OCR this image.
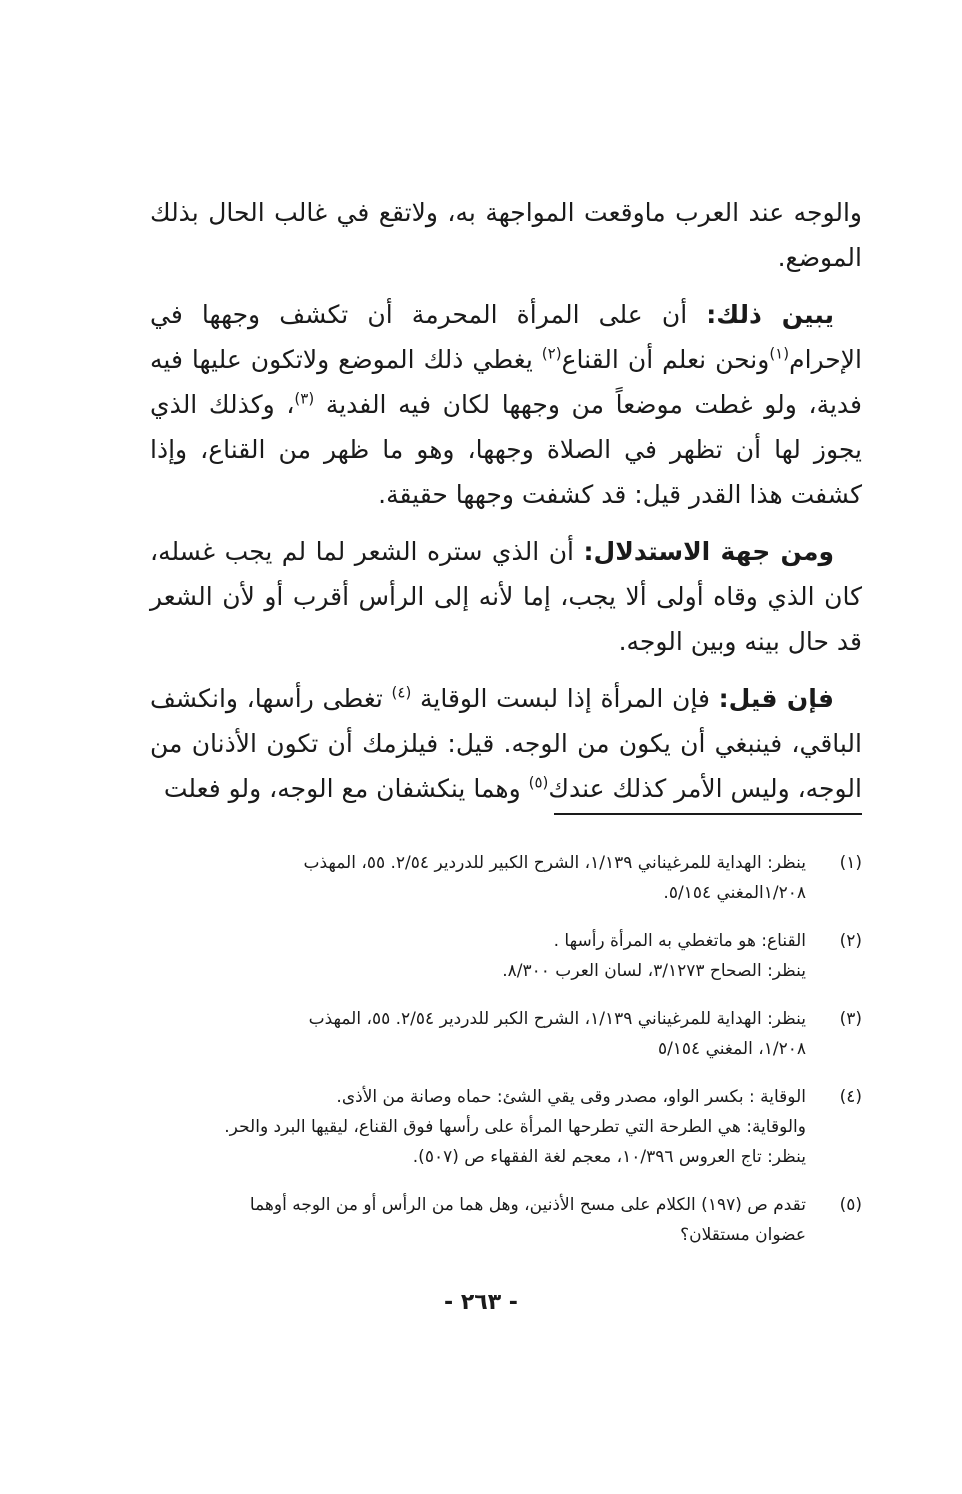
والوجه عند العرب ماوقعت المواجهة به، ولاتقع في غالب الحال بذلك الموضع.

يبين ذلك: أن على المرأة المحرمة أن تكشف وجهها في الإحرام$^{(١)}$ونحن نعلم أن القناع$^{(٢)}$ يغطي ذلك الموضع ولاتكون عليها فيه فدية، ولو غطت موضعاً من وجهها لكان فيه الفدية $^{(٣)}$، وكذلك الذي يجوز لها أن تظهر في الصلاة وجهها، وهو ما ظهر من القناع، وإذا كشفت هذا القدر قيل: قد كشفت وجهها حقيقة.

ومن جهة الاستدلال: أن الذي ستره الشعر لما لم يجب غسله، كان الذي وقاه أولى ألا يجب، إما لأنه إلى الرأس أقرب أو لأن الشعر قد حال بينه وبين الوجه.

فإن قيل: فإن المرأة إذا لبست الوقاية $^{(٤)}$ تغطى رأسها، وانكشف الباقي، فينبغي أن يكون من الوجه. قيل: فيلزمك أن تكون الأذنان من الوجه، وليس الأمر كذلك عندك$^{(٥)}$ وهما ينكشفان مع الوجه، ولو فعلت

(١)
ينظر: الهداية للمرغيناني ١/١٣٩، الشرح الكبير للدردير ٢/٥٤. ٥٥، المهذب
١/٢٠٨المغني ٥/١٥٤.
(٢)
القناع: هو ماتغطي به المرأة رأسها .
ينظر: الصحاح ٣/١٢٧٣، لسان العرب ٨/٣٠٠.
(٣)
ينظر: الهداية للمرغيناني ١/١٣٩، الشرح الكبر للدردير ٢/٥٤. ٥٥، المهذب
١/٢٠٨، المغني ٥/١٥٤
(٤)
الوقاية : بكسر الواو، مصدر وقى يقي الشئ: حماه وصانة من الأذى.
والوقاية: هي الطرحة التي تطرحها المرأة على رأسها فوق القناع، ليقيها البرد والحر.
ينظر: تاج العروس ١٠/٣٩٦، معجم لغة الفقهاء ص (٥٠٧).
(٥)
تقدم ص (١٩٧) الكلام على مسح الأذنين، وهل هما من الرأس أو من الوجه أوهما
عضوان مستقلان؟
- ٢٦٣ -
